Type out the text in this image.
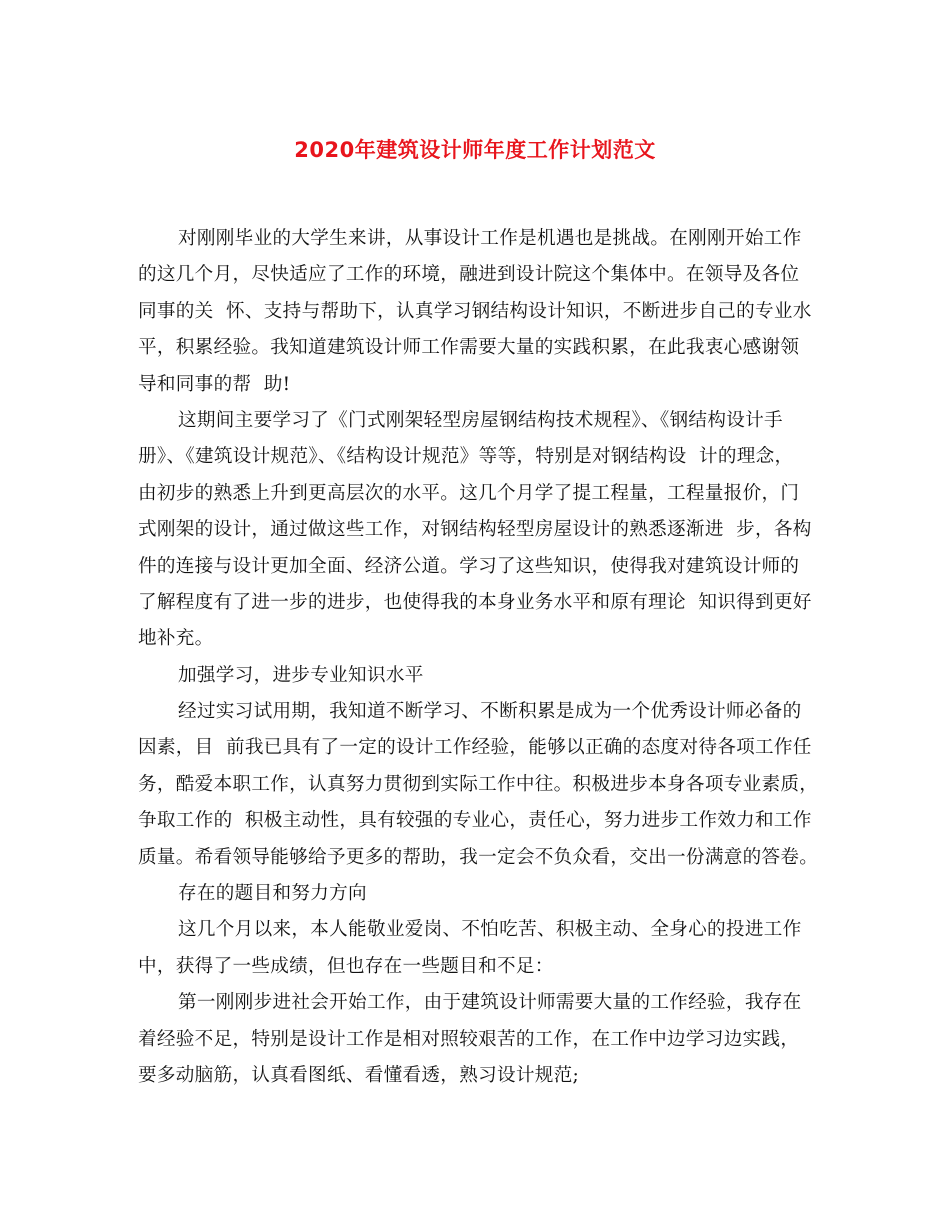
2020年建筑设计师年度工作计划范文
对刚刚毕业的大学生来讲，从事设计工作是机遇也是挑战。在刚刚开始工作
的这几个月，尽快适应了工作的环境，融进到设计院这个集体中。在领导及各位
同事的关  怀、支持与帮助下，认真学习钢结构设计知识，不断进步自己的专业水
平，积累经验。我知道建筑设计师工作需要大量的实践积累，在此我衷心感谢领
导和同事的帮  助!
这期间主要学习了《门式刚架轻型房屋钢结构技术规程》、《钢结构设计手
册》、《建筑设计规范》、《结构设计规范》等等，特别是对钢结构设  计的理念，
由初步的熟悉上升到更高层次的水平。这几个月学了提工程量，工程量报价，门
式刚架的设计，通过做这些工作，对钢结构轻型房屋设计的熟悉逐渐进  步，各构
件的连接与设计更加全面、经济公道。学习了这些知识，使得我对建筑设计师的
了解程度有了进一步的进步，也使得我的本身业务水平和原有理论  知识得到更好
地补充。
加强学习，进步专业知识水平
经过实习试用期，我知道不断学习、不断积累是成为一个优秀设计师必备的
因素，目  前我已具有了一定的设计工作经验，能够以正确的态度对待各项工作任
务，酷爱本职工作，认真努力贯彻到实际工作中往。积极进步本身各项专业素质，
争取工作的  积极主动性，具有较强的专业心，责任心，努力进步工作效力和工作
质量。希看领导能够给予更多的帮助，我一定会不负众看，交出一份满意的答卷。
存在的题目和努力方向
这几个月以来，本人能敬业爱岗、不怕吃苦、积极主动、全身心的投进工作
中，获得了一些成绩，但也存在一些题目和不足：
第一刚刚步进社会开始工作，由于建筑设计师需要大量的工作经验，我存在
着经验不足，特别是设计工作是相对照较艰苦的工作，在工作中边学习边实践，
要多动脑筋，认真看图纸、看懂看透，熟习设计规范;
